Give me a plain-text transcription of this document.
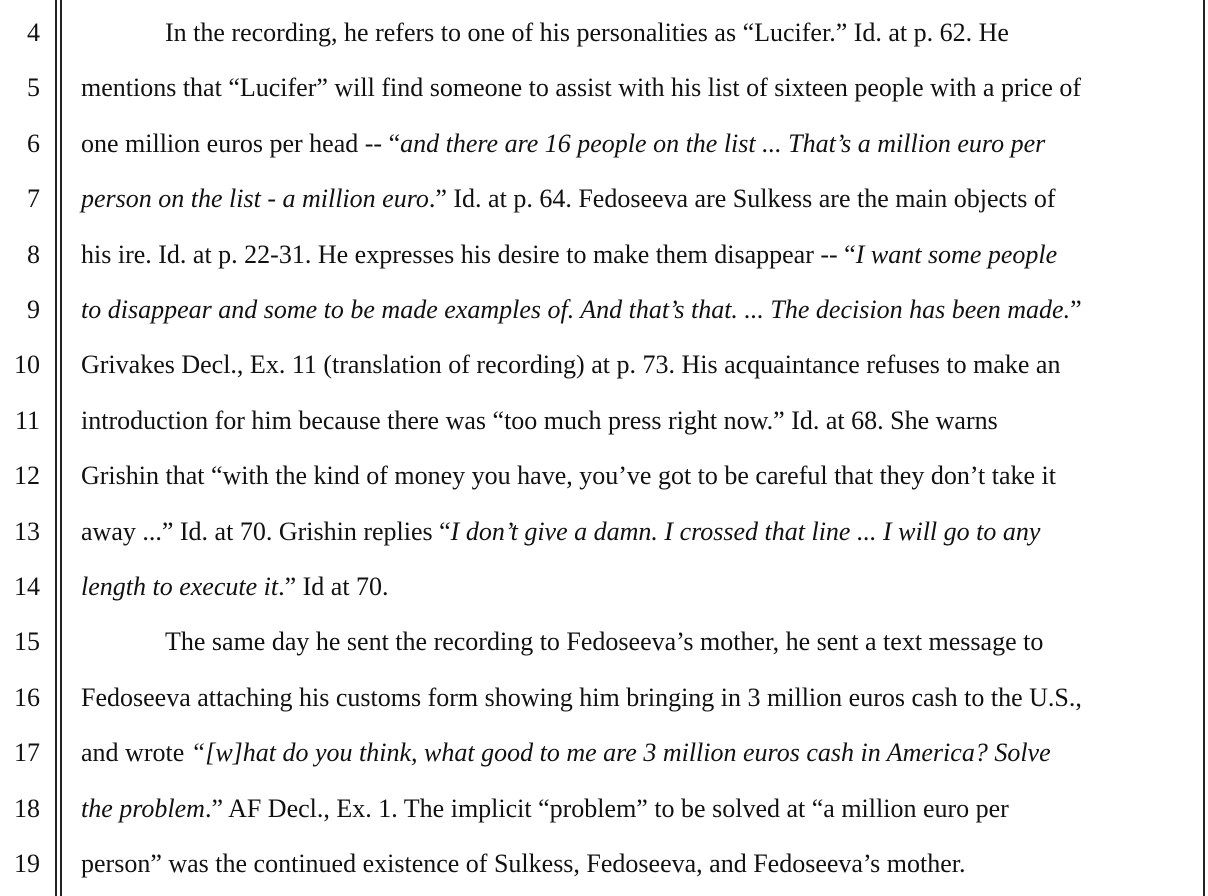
4
5
6
7
8
9
10
11
12
13
14
15
16
17
18
19
In the recording, he refers to one of his personalities as “Lucifer.” Id. at p. 62. He
mentions that “Lucifer” will find someone to assist with his list of sixteen people with a price of
one million euros per head -- “and there are 16 people on the list ... That’s a million euro per
person on the list - a million euro.” Id. at p. 64. Fedoseeva are Sulkess are the main objects of
his ire. Id. at p. 22-31. He expresses his desire to make them disappear -- “I want some people
to disappear and some to be made examples of. And that’s that. ... The decision has been made.”
Grivakes Decl., Ex. 11 (translation of recording) at p. 73. His acquaintance refuses to make an
introduction for him because there was “too much press right now.” Id. at 68. She warns
Grishin that “with the kind of money you have, you’ve got to be careful that they don’t take it
away ...” Id. at 70. Grishin replies “I don’t give a damn. I crossed that line ... I will go to any
length to execute it.” Id at 70.
The same day he sent the recording to Fedoseeva’s mother, he sent a text message to
Fedoseeva attaching his customs form showing him bringing in 3 million euros cash to the U.S.,
and wrote “[w]hat do you think, what good to me are 3 million euros cash in America? Solve
the problem.” AF Decl., Ex. 1. The implicit “problem” to be solved at “a million euro per
person” was the continued existence of Sulkess, Fedoseeva, and Fedoseeva’s mother.
